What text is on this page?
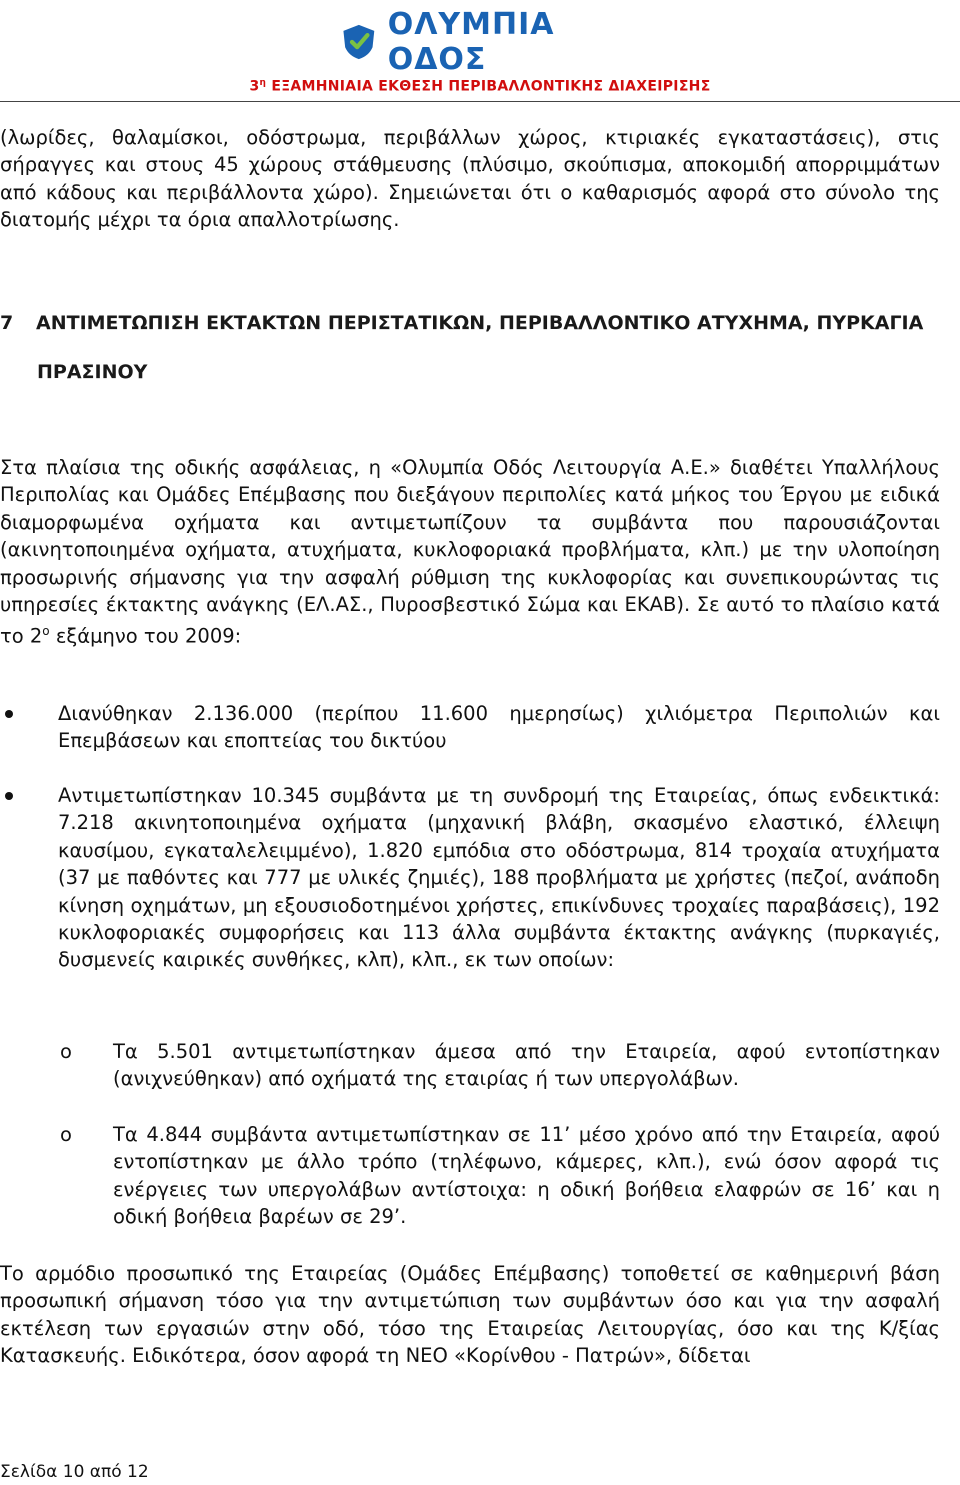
ΟΛΥΜΠΙΑ ΟΔΟΣ
$3^\eta$ ΕΞΑΜΗΝΙΑΙΑ ΕΚΘΕΣΗ ΠΕΡΙΒΑΛΛΟΝΤΙΚΗΣ ΔΙΑΧΕΙΡΙΣΗΣ

(λωρίδες, θαλαμίσκοι, οδόστρωμα, περιβάλλων χώρος, κτιριακές εγκαταστάσεις), στις σήραγγες και στους 45 χώρους στάθμευσης (πλύσιμο, σκούπισμα, αποκομιδή απορριμμάτων από κάδους και περιβάλλοντα χώρο). Σημειώνεται ότι ο καθαρισμός αφορά στο σύνολο της διατομής μέχρι τα όρια απαλλοτρίωσης.

7 ΑΝΤΙΜΕΤΩΠΙΣΗ ΕΚΤΑΚΤΩΝ ΠΕΡΙΣΤΑΤΙΚΩΝ, ΠΕΡΙΒΑΛΛΟΝΤΙΚΟ ΑΤΥΧΗΜΑ, ΠΥΡΚΑΓΙΑ
ΠΡΑΣΙΝΟΥ

Στα πλαίσια της οδικής ασφάλειας, η «Ολυμπία Οδός Λειτουργία Α.Ε.» διαθέτει Υπαλλήλους Περιπολίας και Ομάδες Επέμβασης που διεξάγουν περιπολίες κατά μήκος του Έργου με ειδικά διαμορφωμένα οχήματα και αντιμετωπίζουν τα συμβάντα που παρουσιάζονται (ακινητοποιημένα οχήματα, ατυχήματα, κυκλοφοριακά προβλήματα, κλπ.) με την υλοποίηση προσωρινής σήμανσης για την ασφαλή ρύθμιση της κυκλοφορίας και συνεπικουρώντας τις υπηρεσίες έκτακτης ανάγκης (ΕΛ.ΑΣ., Πυροσβεστικό Σώμα και ΕΚΑΒ). Σε αυτό το πλαίσιο κατά το $2^o$ εξάμηνο του 2009:

Διανύθηκαν 2.136.000 (περίπου 11.600 ημερησίως) χιλιόμετρα Περιπολιών και Επεμβάσεων και εποπτείας του δικτύου
Αντιμετωπίστηκαν 10.345 συμβάντα με τη συνδρομή της Εταιρείας, όπως ενδεικτικά: 7.218 ακινητοποιημένα οχήματα (μηχανική βλάβη, σκασμένο ελαστικό, έλλειψη καυσίμου, εγκαταλελειμμένο), 1.820 εμπόδια στο οδόστρωμα, 814 τροχαία ατυχήματα (37 με παθόντες και 777 με υλικές ζημιές), 188 προβλήματα με χρήστες (πεζοί, ανάποδη κίνηση οχημάτων, μη εξουσιοδοτημένοι χρήστες, επικίνδυνες τροχαίες παραβάσεις), 192 κυκλοφοριακές συμφορήσεις και 113 άλλα συμβάντα έκτακτης ανάγκης (πυρκαγιές, δυσμενείς καιρικές συνθήκες, κλπ), κλπ., εκ των οποίων:
o Τα 5.501 αντιμετωπίστηκαν άμεσα από την Εταιρεία, αφού εντοπίστηκαν (ανιχνεύθηκαν) από οχήματά της εταιρίας ή των υπεργολάβων.
o Τα 4.844 συμβάντα αντιμετωπίστηκαν σε 11’ μέσο χρόνο από την Εταιρεία, αφού εντοπίστηκαν με άλλο τρόπο (τηλέφωνο, κάμερες, κλπ.), ενώ όσον αφορά τις ενέργειες των υπεργολάβων αντίστοιχα: η οδική βοήθεια ελαφρών σε 16’ και η οδική βοήθεια βαρέων σε 29’.

Το αρμόδιο προσωπικό της Εταιρείας (Ομάδες Επέμβασης) τοποθετεί σε καθημερινή βάση προσωπική σήμανση τόσο για την αντιμετώπιση των συμβάντων όσο και για την ασφαλή εκτέλεση των εργασιών στην οδό, τόσο της Εταιρείας Λειτουργίας, όσο και της Κ/ξίας Κατασκευής. Ειδικότερα, όσον αφορά τη ΝΕΟ «Κορίνθου - Πατρών», δίδεται

Σελίδα 10 από 12
